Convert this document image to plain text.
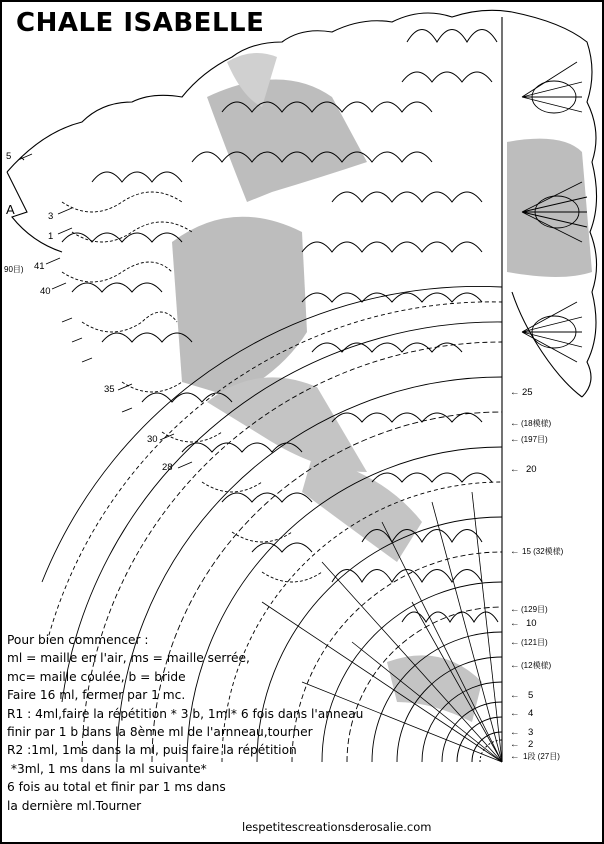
CHALE ISABELLE
← 25
← (18模様)
← (197目)
← 20
← 15 (32模様)
← (129目)
← 10
← (121目)
← (12模様)
← 5
← 4
← 3
← 2
← 1段 (27目)
5
A	3
1
90目) 41
40
35
30
28
Pour bien commencer :
ml = maille en l'air, ms = maille serrée,
mc= maille coulée, b = bride
Faire 16 ml, fermer par 1 mc.
R1 : 4ml,faire la répétition * 3 b, 1ml* 6 fois dans l'anneau
finir par 1 b dans la 8ème ml de l'arnneau,tourner
R2 :1ml, 1ms dans la ml, puis faire la répétition
*3ml, 1 ms dans la ml suivante*
6 fois au total et finir par 1 ms dans
la dernière ml.Tourner
lespetitescreationsderosalie.com
